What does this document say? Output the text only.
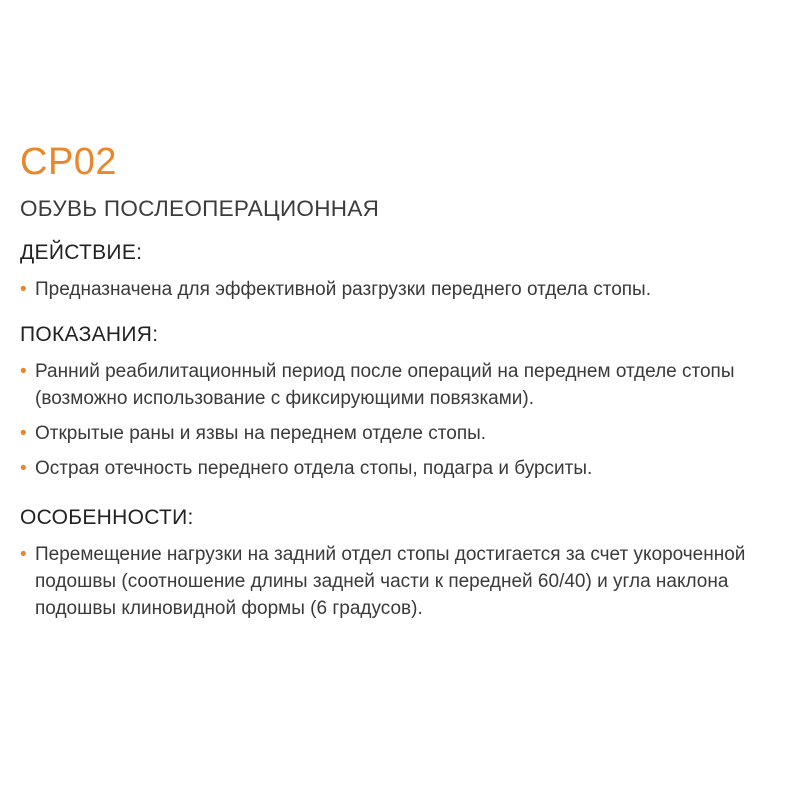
CP02
ОБУВЬ ПОСЛЕОПЕРАЦИОННАЯ
ДЕЙСТВИЕ:
• Предназначена для эффективной разгрузки переднего отдела стопы.
ПОКАЗАНИЯ:
• Ранний реабилитационный период после операций на переднем отделе стопы (возможно использование с фиксирующими повязками).
• Открытые раны и язвы на переднем отделе стопы.
• Острая отечность переднего отдела стопы, подагра и бурситы.
ОСОБЕННОСТИ:
• Перемещение нагрузки на задний отдел стопы достигается за счет укороченной подошвы (соотношение длины задней части к передней 60/40) и угла наклона подошвы клиновидной формы (6 градусов).
